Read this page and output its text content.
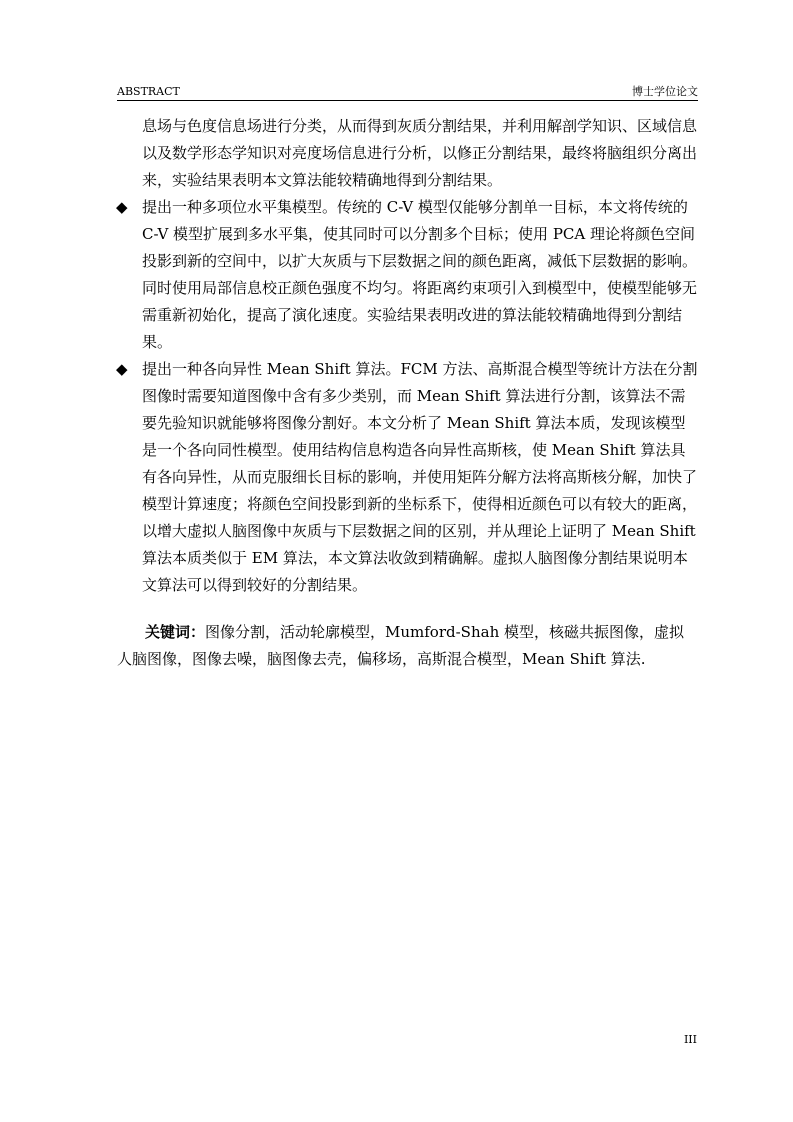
ABSTRACT	博士学位论文

息场与色度信息场进行分类，从而得到灰质分割结果，并利用解剖学知识、区域信息以及数学形态学知识对亮度场信息进行分析，以修正分割结果，最终将脑组织分离出来，实验结果表明本文算法能较精确地得到分割结果。

◆ 提出一种多项位水平集模型。传统的 C-V 模型仅能够分割单一目标，本文将传统的 C-V 模型扩展到多水平集，使其同时可以分割多个目标；使用 PCA 理论将颜色空间投影到新的空间中，以扩大灰质与下层数据之间的颜色距离，减低下层数据的影响。同时使用局部信息校正颜色强度不均匀。将距离约束项引入到模型中，使模型能够无需重新初始化，提高了演化速度。实验结果表明改进的算法能较精确地得到分割结果。
◆ 提出一种各向异性 Mean Shift 算法。FCM 方法、高斯混合模型等统计方法在分割图像时需要知道图像中含有多少类别，而 Mean Shift 算法进行分割，该算法不需要先验知识就能够将图像分割好。本文分析了 Mean Shift 算法本质，发现该模型是一个各向同性模型。使用结构信息构造各向异性高斯核，使 Mean Shift 算法具有各向异性，从而克服细长目标的影响，并使用矩阵分解方法将高斯核分解，加快了模型计算速度；将颜色空间投影到新的坐标系下，使得相近颜色可以有较大的距离，以增大虚拟人脑图像中灰质与下层数据之间的区别，并从理论上证明了 Mean Shift 算法本质类似于 EM 算法，本文算法收敛到精确解。虚拟人脑图像分割结果说明本文算法可以得到较好的分割结果。

关键词：图像分割，活动轮廓模型，Mumford-Shah 模型，核磁共振图像，虚拟人脑图像，图像去噪，脑图像去壳，偏移场，高斯混合模型，Mean Shift 算法.

III
